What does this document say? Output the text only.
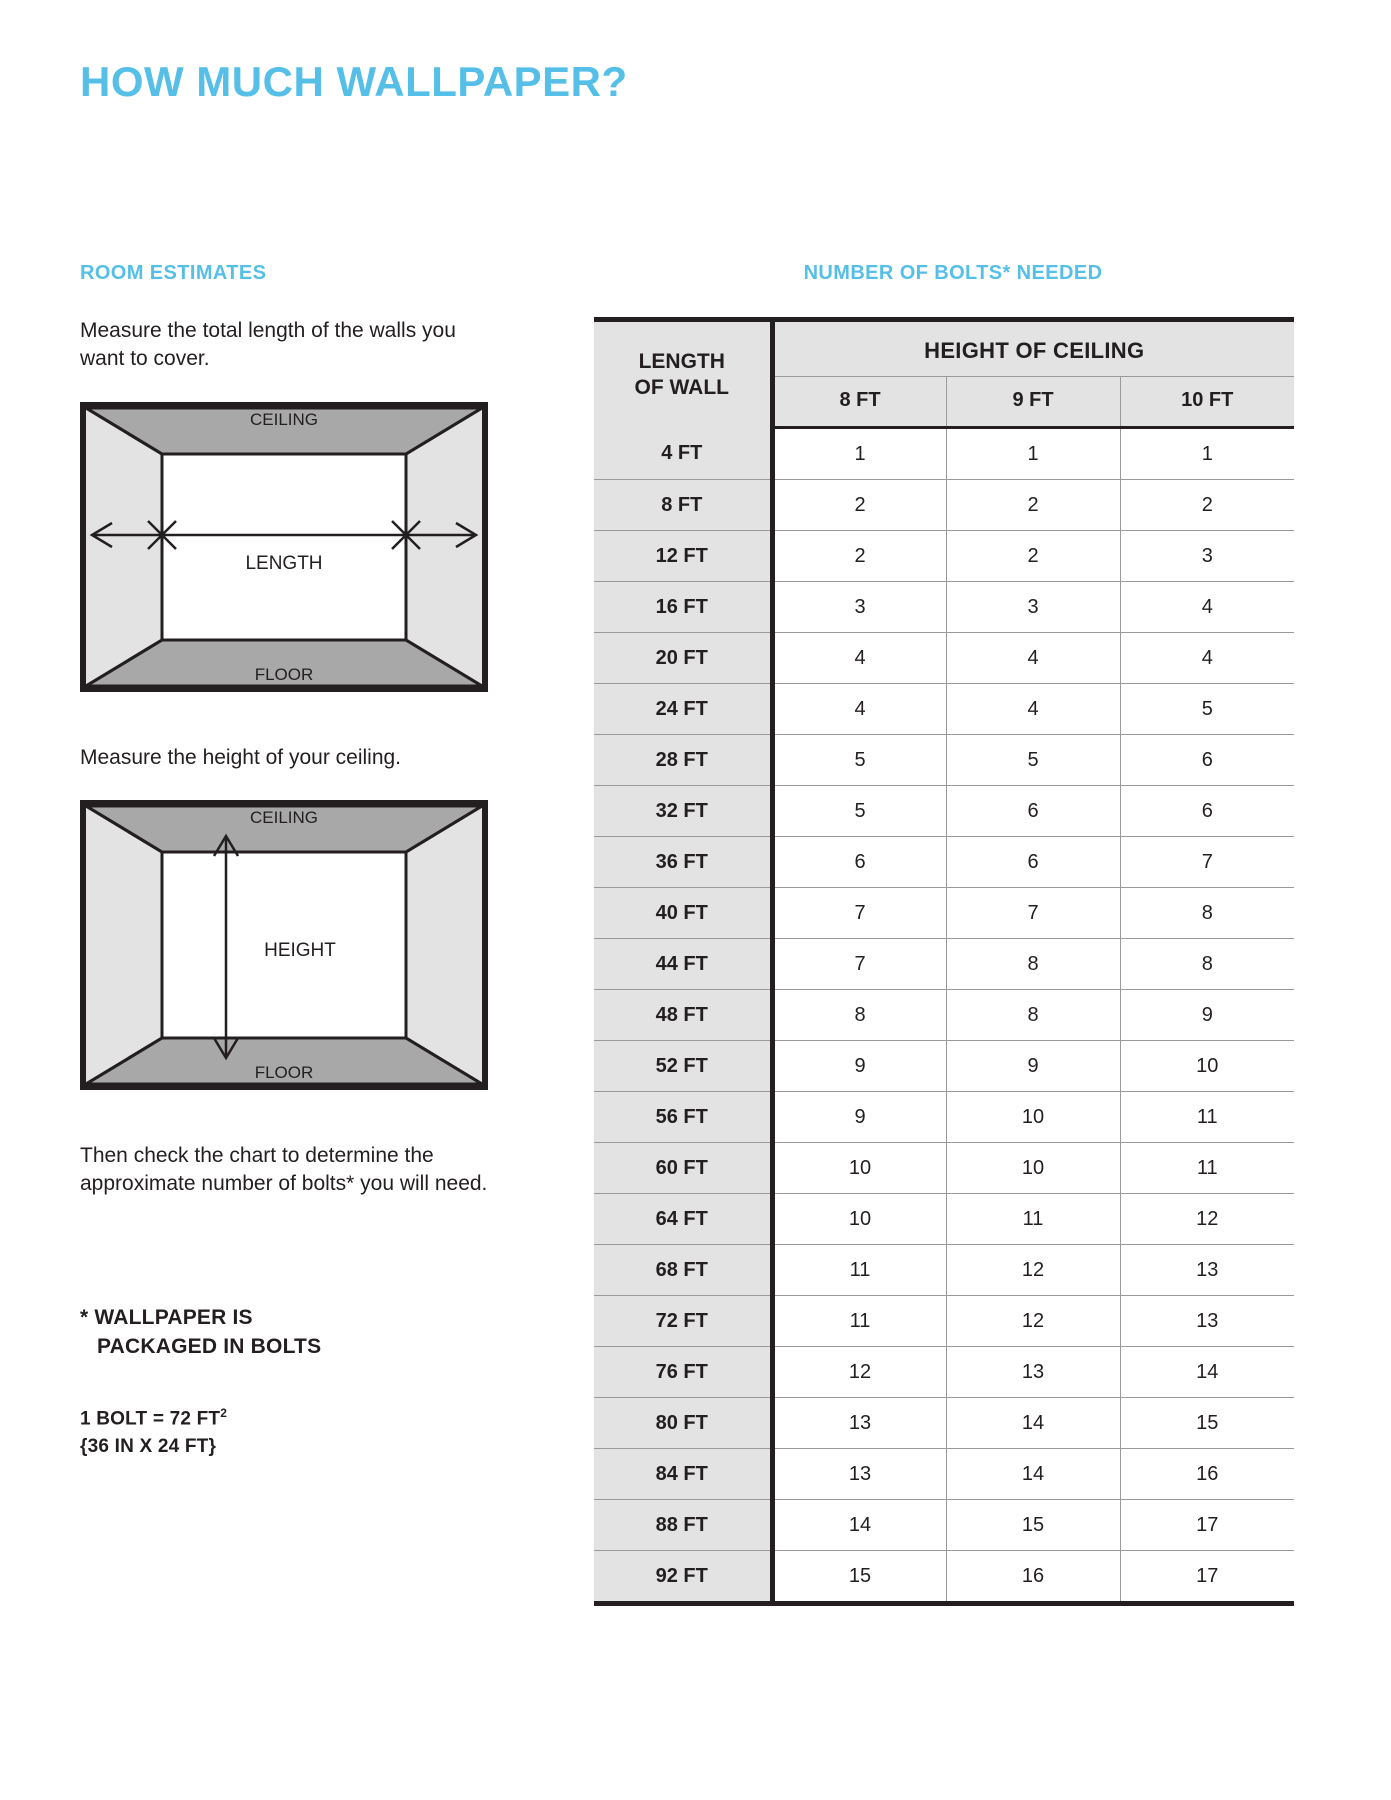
HOW MUCH WALLPAPER?
ROOM ESTIMATES

Measure the total length of the walls you want to cover.

CEILING
FLOOR
LENGTH

Measure the height of your ceiling.

CEILING
FLOOR
HEIGHT

Then check the chart to determine the approximate number of bolts* you will need.

* WALLPAPER IS
PACKAGED IN BOLTS
1 BOLT = 72 $FT^2$
{36 IN X 24 FT}
NUMBER OF BOLTS* NEEDED
LENGTH
OF WALL	HEIGHT OF CEILING		
	8 FT	9 FT	10 FT
4 FT	1	1	1
8 FT	2	2	2
12 FT	2	2	3
16 FT	3	3	4
20 FT	4	4	4
24 FT	4	4	5
28 FT	5	5	6
32 FT	5	6	6
36 FT	6	6	7
40 FT	7	7	8
44 FT	7	8	8
48 FT	8	8	9
52 FT	9	9	10
56 FT	9	10	11
60 FT	10	10	11
64 FT	10	11	12
68 FT	11	12	13
72 FT	11	12	13
76 FT	12	13	14
80 FT	13	14	15
84 FT	13	14	16
88 FT	14	15	17
92 FT	15	16	17
